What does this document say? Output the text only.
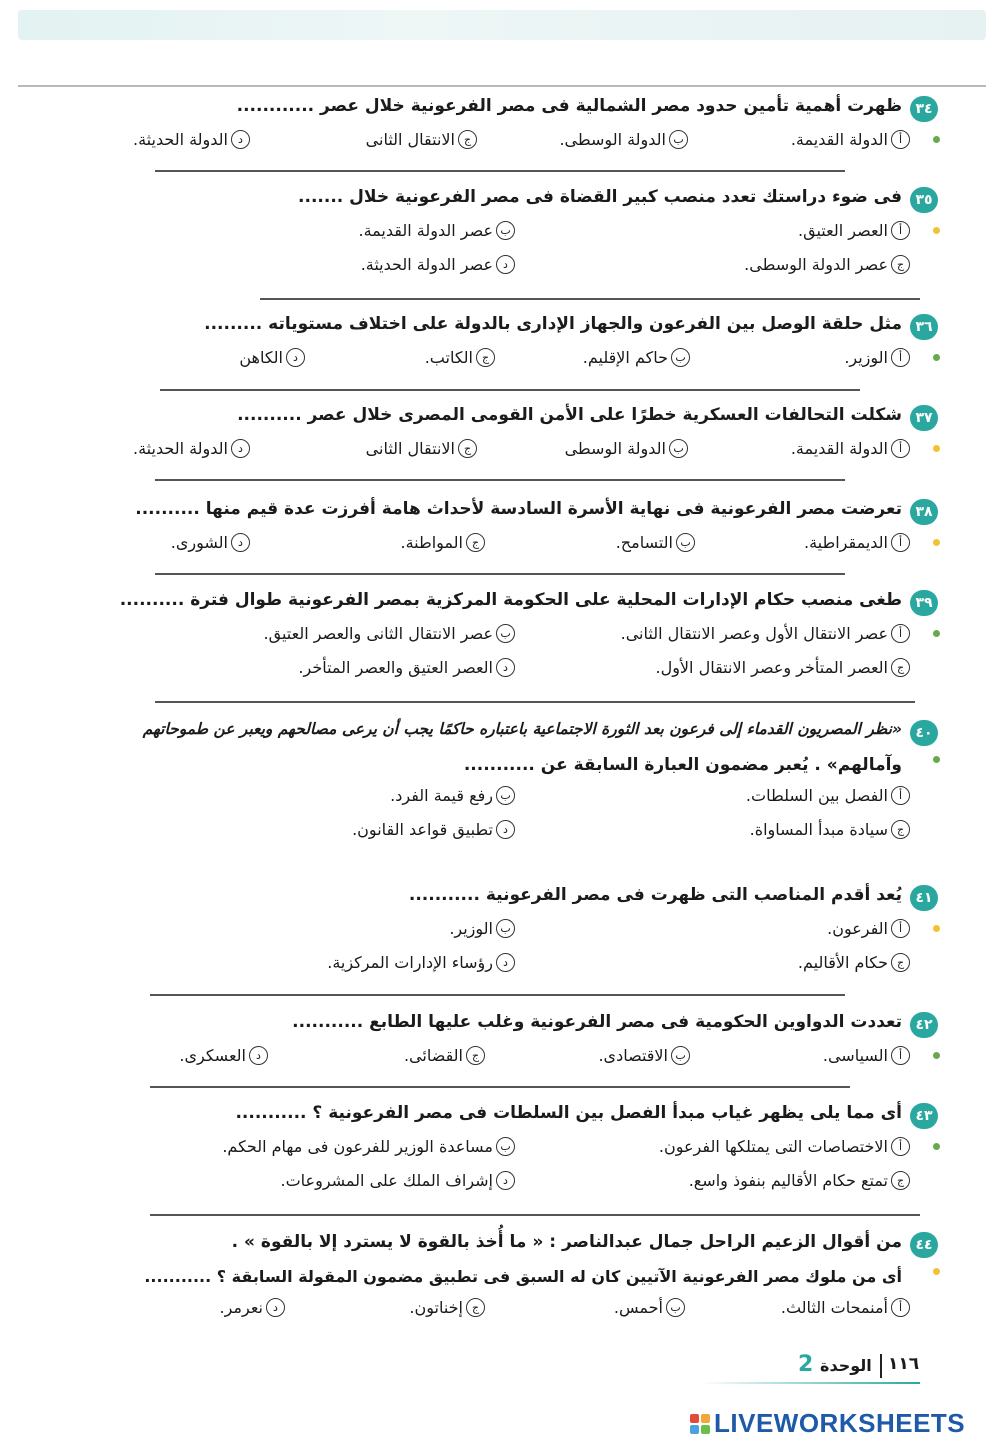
٣٤
ظهرت أهمية تأمين حدود مصر الشمالية فى مصر الفرعونية خلال عصر ............
أ
الدولة القديمة.
ب
الدولة الوسطى.
ج
الانتقال الثانى
د
الدولة الحديثة.
٣٥
فى ضوء دراستك تعدد منصب كبير القضاة فى مصر الفرعونية خلال .......
أ
العصر العتيق.
ب
عصر الدولة القديمة.
ج
عصر الدولة الوسطى.
د
عصر الدولة الحديثة.
٣٦
مثل حلقة الوصل بين الفرعون والجهاز الإدارى بالدولة على اختلاف مستوياته .........
أ
الوزير.
ب
حاكم الإقليم.
ج
الكاتب.
د
الكاهن
٣٧
شكلت التحالفات العسكرية خطرًا على الأمن القومى المصرى خلال عصر ..........
أ
الدولة القديمة.
ب
الدولة الوسطى
ج
الانتقال الثانى
د
الدولة الحديثة.
٣٨
تعرضت مصر الفرعونية فى نهاية الأسرة السادسة لأحداث هامة أفرزت عدة قيم منها ..........
أ
الديمقراطية.
ب
التسامح.
ج
المواطنة.
د
الشورى.
٣٩
طغى منصب حكام الإدارات المحلية على الحكومة المركزية بمصر الفرعونية طوال فترة ..........
أ
عصر الانتقال الأول وعصر الانتقال الثانى.
ب
عصر الانتقال الثانى والعصر العتيق.
ج
العصر المتأخر وعصر الانتقال الأول.
د
العصر العتيق والعصر المتأخر.
٤٠
«نظر المصريون القدماء إلى فرعون بعد الثورة الاجتماعية باعتباره حاكمًا يجب أن يرعى مصالحهم ويعبر عن طموحاتهم
وآمالهم» . يُعبر مضمون العبارة السابقة عن ...........
أ
الفصل بين السلطات.
ب
رفع قيمة الفرد.
ج
سيادة مبدأ المساواة.
د
تطبيق قواعد القانون.
٤١
يُعد أقدم المناصب التى ظهرت فى مصر الفرعونية ...........
أ
الفرعون.
ب
الوزير.
ج
حكام الأقاليم.
د
رؤساء الإدارات المركزية.
٤٢
تعددت الدواوين الحكومية فى مصر الفرعونية وغلب عليها الطابع ...........
أ
السياسى.
ب
الاقتصادى.
ج
القضائى.
د
العسكرى.
٤٣
أى مما يلى يظهر غياب مبدأ الفصل بين السلطات فى مصر الفرعونية ؟ ...........
أ
الاختصاصات التى يمتلكها الفرعون.
ب
مساعدة الوزير للفرعون فى مهام الحكم.
ج
تمتع حكام الأقاليم بنفوذ واسع.
د
إشراف الملك على المشروعات.
٤٤
من أقوال الزعيم الراحل جمال عبدالناصر : « ما أُخذ بالقوة لا يسترد إلا بالقوة » .
أى من ملوك مصر الفرعونية الآتيين كان له السبق فى تطبيق مضمون المقولة السابقة ؟ ...........
أ
أمنمحات الثالث.
ب
أحمس.
ج
إخناتون.
د
نعرمر.
١١٦
الوحدة
2
LIVEWORKSHEETS
